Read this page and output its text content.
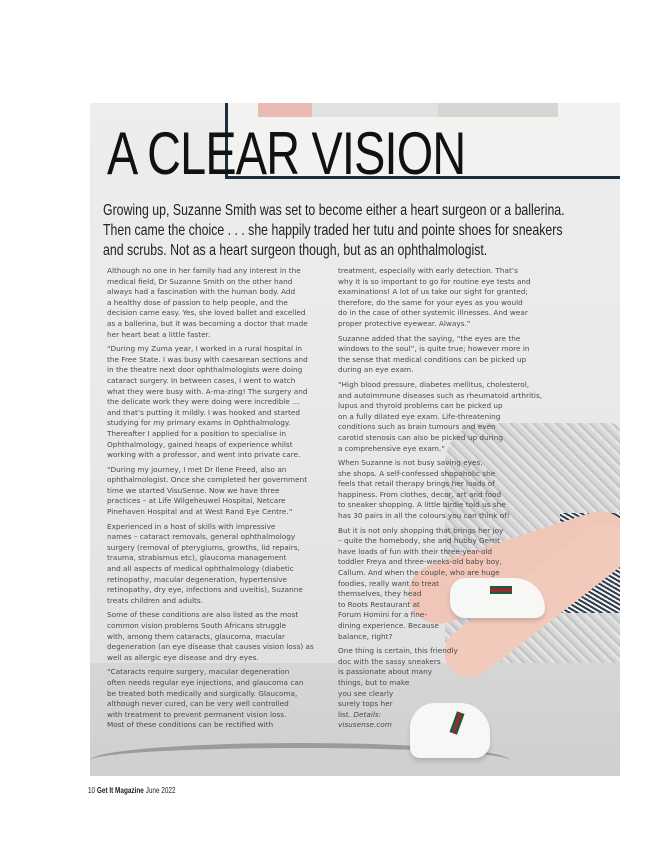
A CLEAR VISION
Growing up, Suzanne Smith was set to become either a heart surgeon or a ballerina.
Then came the choice . . . she happily traded her tutu and pointe shoes for sneakers
and scrubs. Not as a heart surgeon though, but as an ophthalmologist.

Although no one in her family had any interest in the
medical field, Dr Suzanne Smith on the other hand
always had a fascination with the human body. Add
a healthy dose of passion to help people, and the
decision came easy. Yes, she loved ballet and excelled
as a ballerina, but it was becoming a doctor that made
her heart beat a little faster.

“During my Zuma year, I worked in a rural hospital in
the Free State. I was busy with caesarean sections and
in the theatre next door ophthalmologists were doing
cataract surgery. In between cases, I went to watch
what they were busy with. A-ma-zing! The surgery and
the delicate work they were doing were incredible …
and that’s putting it mildly. I was hooked and started
studying for my primary exams in Ophthalmology.
Thereafter I applied for a position to specialise in
Ophthalmology, gained heaps of experience whilst
working with a professor, and went into private care.

“During my journey, I met Dr Ilene Freed, also an
ophthalmologist. Once she completed her government
time we started VisuSense. Now we have three
practices – at Life Wilgeheuwel Hospital, Netcare
Pinehaven Hospital and at West Rand Eye Centre.”

Experienced in a host of skills with impressive
names – cataract removals, general ophthalmology
surgery (removal of pterygiums, growths, lid repairs,
trauma, strabismus etc), glaucoma management
and all aspects of medical ophthalmology (diabetic
retinopathy, macular degeneration, hypertensive
retinopathy, dry eye, infections and uveitis), Suzanne
treats children and adults.

Some of these conditions are also listed as the most
common vision problems South Africans struggle
with, among them cataracts, glaucoma, macular
degeneration (an eye disease that causes vision loss) as
well as allergic eye disease and dry eyes.

“Cataracts require surgery, macular degeneration
often needs regular eye injections, and glaucoma can
be treated both medically and surgically. Glaucoma,
although never cured, can be very well controlled
with treatment to prevent permanent vision loss.
Most of these conditions can be rectified with

treatment, especially with early detection. That’s
why it is so important to go for routine eye tests and
examinations! A lot of us take our sight for granted;
therefore, do the same for your eyes as you would
do in the case of other systemic illnesses. And wear
proper protective eyewear. Always.”

Suzanne added that the saying, “the eyes are the
windows to the soul”, is quite true; however more in
the sense that medical conditions can be picked up
during an eye exam.

“High blood pressure, diabetes mellitus, cholesterol,
and autoimmune diseases such as rheumatoid arthritis,
lupus and thyroid problems can be picked up
on a fully dilated eye exam. Life-threatening
conditions such as brain tumours and even
carotid stenosis can also be picked up during
a comprehensive eye exam.”

When Suzanne is not busy saving eyes,
she shops. A self-confessed shopaholic she
feels that retail therapy brings her loads of
happiness. From clothes, decor, art and food
to sneaker shopping. A little birdie told us she
has 30 pairs in all the colours you can think of!

But it is not only shopping that brings her joy
– quite the homebody, she and hubby Gerrit
have loads of fun with their three-year-old
toddler Freya and three-weeks-old baby boy,
Callum. And when the couple, who are huge
foodies, really want to treat
themselves, they head
to Roots Restaurant at
Forum Homini for a fine-
dining experience. Because
balance, right?

One thing is certain, this friendly
doc with the sassy sneakers
is passionate about many
things, but to make
you see clearly
surely tops her
list. Details:
visusense.com

10 Get It Magazine June 2022
